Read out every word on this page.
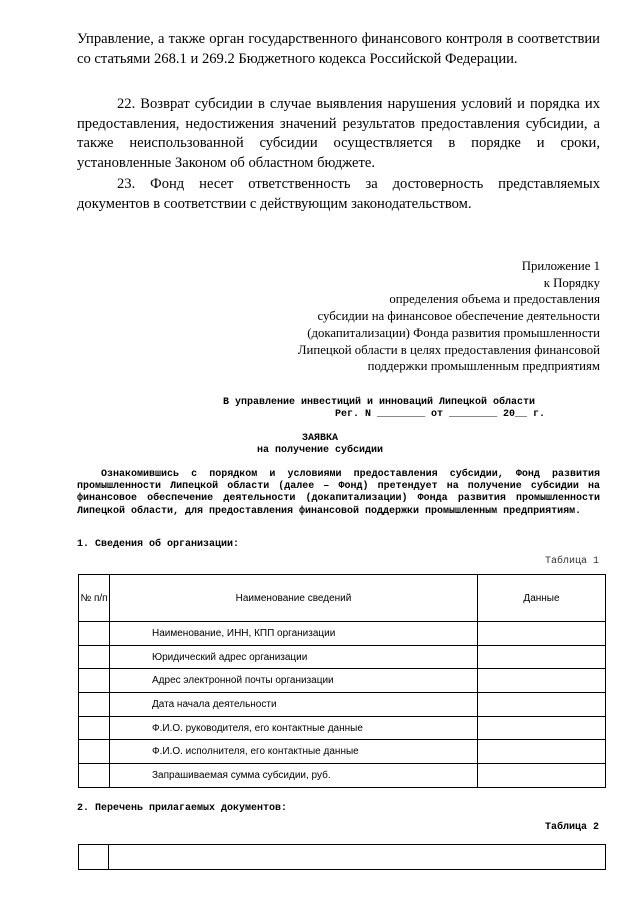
Управление, а также орган государственного финансового контроля в соответствии со статьями 268.1 и 269.2 Бюджетного кодекса Российской Федерации.
22. Возврат субсидии в случае выявления нарушения условий и порядка их предоставления, недостижения значений результатов предоставления субсидии, а также неиспользованной субсидии осуществляется в порядке и сроки, установленные Законом об областном бюджете.
23. Фонд несет ответственность за достоверность представляемых документов в соответствии с действующим законодательством.
Приложение 1
к Порядку
определения объема и предоставления
субсидии на финансовое обеспечение деятельности
(докапитализации) Фонда развития промышленности
Липецкой области в целях предоставления финансовой
поддержки промышленным предприятиям
В управление инвестиций и инноваций Липецкой области
Рег. N ________ от ________ 20__ г.
ЗАЯВКА
на получение субсидии
Ознакомившись с порядком и условиями предоставления субсидии, Фонд развития промышленности Липецкой области (далее – Фонд) претендует на получение субсидии на финансовое обеспечение деятельности (докапитализации) Фонда развития промышленности Липецкой области, для предоставления финансовой поддержки промышленным предприятиям.
1. Сведения об организации:
Таблица 1
№ п/п	Наименование сведений	Данные
	Наименование, ИНН, КПП организации	
	Юридический адрес организации	
	Адрес электронной почты организации	
	Дата начала деятельности	
	Ф.И.О. руководителя, его контактные данные	
	Ф.И.О. исполнителя, его контактные данные	
	Запрашиваемая сумма субсидии, руб.	
2. Перечень прилагаемых документов:
Таблица 2
